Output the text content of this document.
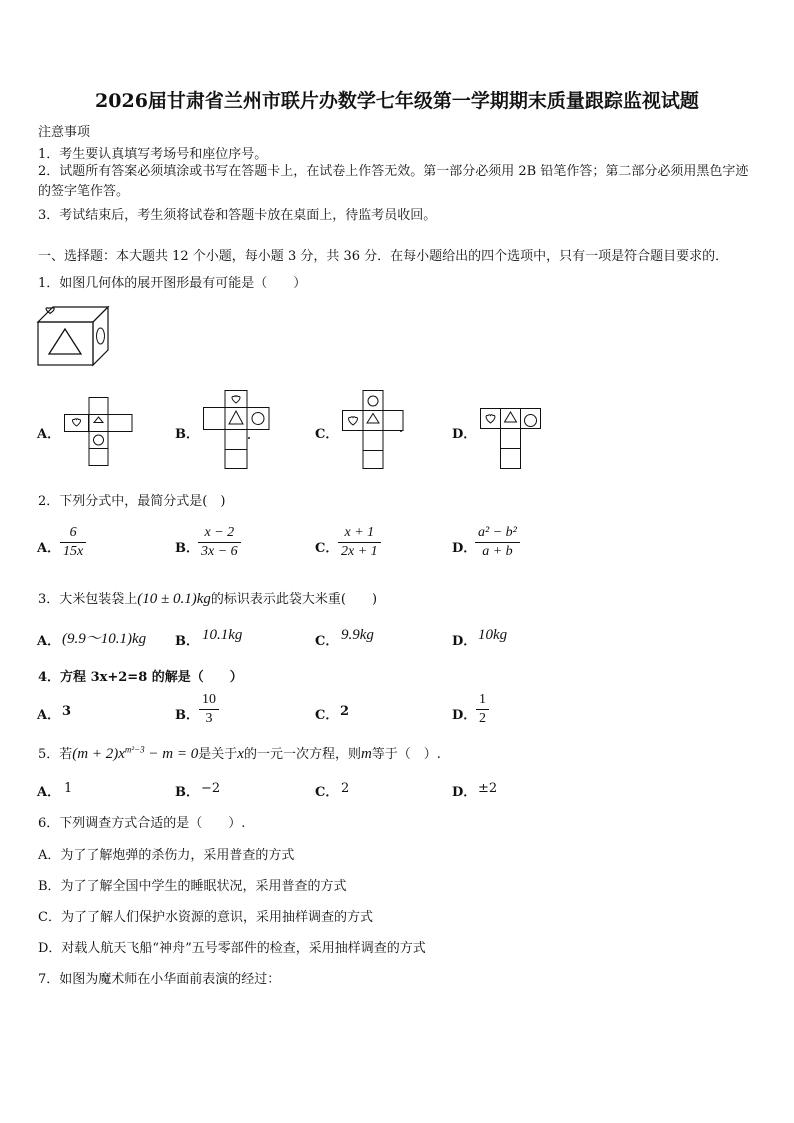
2026届甘肃省兰州市联片办数学七年级第一学期期末质量跟踪监视试题
注意事项
1．考生要认真填写考场号和座位序号。
2．试题所有答案必须填涂或书写在答题卡上，在试卷上作答无效。第一部分必须用 2B 铅笔作答；第二部分必须用黑色字迹的签字笔作答。
3．考试结束后，考生须将试卷和答题卡放在桌面上，待监考员收回。
一、选择题：本大题共 12 个小题，每小题 3 分，共 36 分．在每小题给出的四个选项中，只有一项是符合题目要求的．
1．如图几何体的展开图形最有可能是（　　）
A．	B．	C．	D．
2．下列分式中，最简分式是(　)
A． $\frac{6}{15x}$	B． $\frac{x - 2}{3x - 6}$	C． $\frac{x + 1}{2x + 1}$	D．
$\frac{\text{a² − b²}}{a + b}$
3．大米包装袋上(10 ± 0.1)kg的标识表示此袋大米重(　　)
A． (9.9～10.1)kg B． 10.1kg	C． 9.9kg	D． 10kg
4．方程 3x+2=8 的解是（　　）
A． 3	B． $\frac{10}{3}$	C． 2	D． $\frac{1}{2}$
5．若$(m + 2)x^{m^2-3} - m = 0$是关于x的一元一次方程，则m等于（　）.
A． 1	B． −2	C． 2	D． ±2
6．下列调查方式合适的是（　　）.
A．为了了解炮弹的杀伤力，采用普查的方式
B．为了了解全国中学生的睡眠状况，采用普查的方式
C．为了了解人们保护水资源的意识，采用抽样调查的方式
D．对载人航天飞船“神舟”五号零部件的检查，采用抽样调查的方式
7．如图为魔术师在小华面前表演的经过：
